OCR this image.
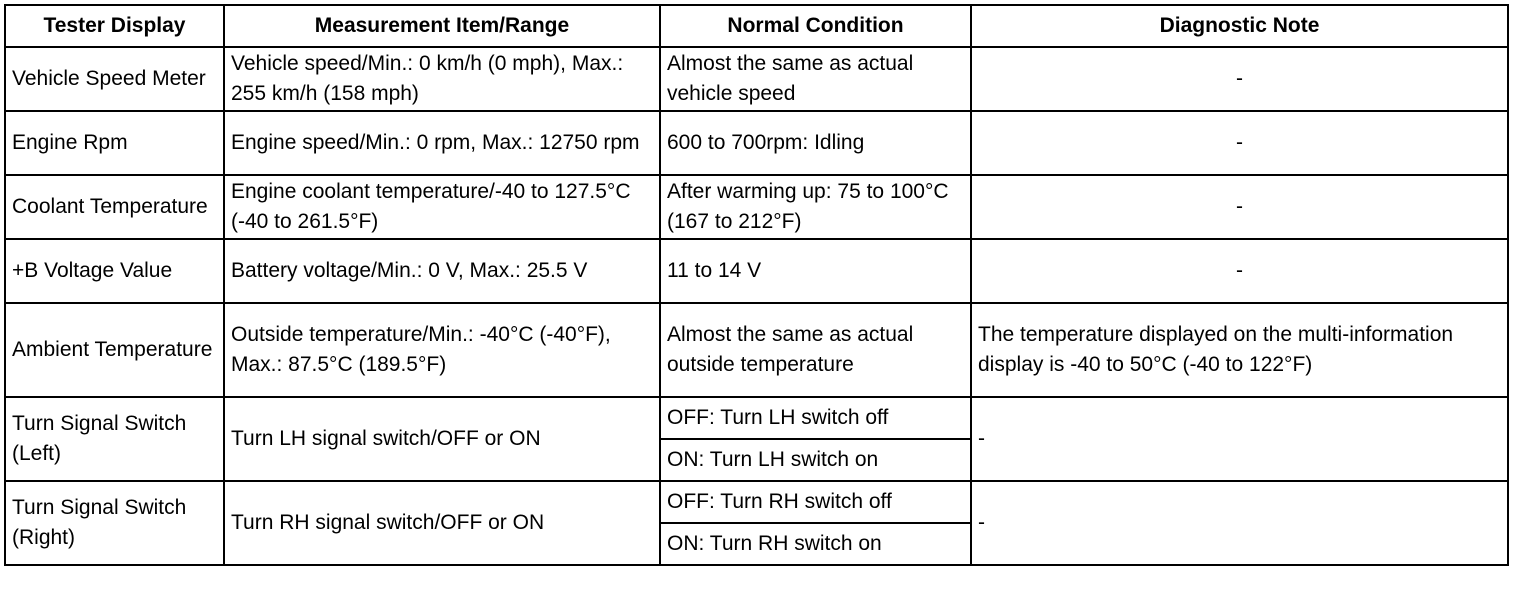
Tester Display	Measurement Item/Range	Normal Condition	Diagnostic Note
Vehicle Speed Meter	Vehicle speed/Min.: 0 km/h (0 mph), Max.: 255 km/h (158 mph)	Almost the same as actual vehicle speed	-
Engine Rpm	Engine speed/Min.: 0 rpm, Max.: 12750 rpm	600 to 700rpm: Idling	-
Coolant Temperature	Engine coolant temperature/-40 to 127.5°C (-40 to 261.5°F)	After warming up: 75 to 100°C (167 to 212°F)	-
+B Voltage Value	Battery voltage/Min.: 0 V, Max.: 25.5 V	11 to 14 V	-
Ambient Temperature	Outside temperature/Min.: -40°C (-40°F), Max.: 87.5°C (189.5°F)	Almost the same as actual outside temperature	The temperature displayed on the multi-information display is -40 to 50°C (-40 to 122°F)
Turn Signal Switch (Left)	Turn LH signal switch/OFF or ON	OFF: Turn LH switch off	-
		ON: Turn LH switch on	
Turn Signal Switch (Right)	Turn RH signal switch/OFF or ON	OFF: Turn RH switch off	-
		ON: Turn RH switch on	
